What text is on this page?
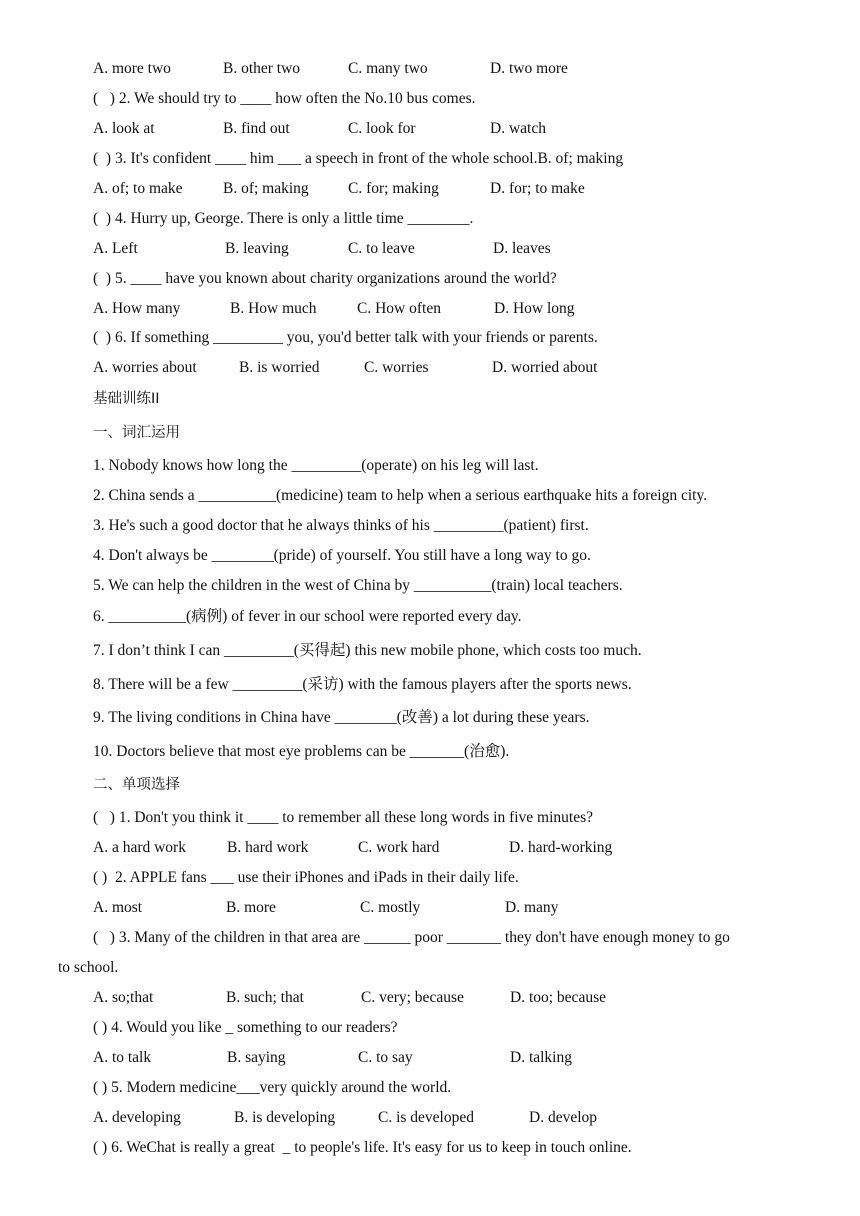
A. more two	B. other two	C. many two	D. two more
(   ) 2. We should try to ____ how often the No.10 bus comes.
A. look at	B. find out	C. look for	D. watch
(  ) 3. It's confident ____ him ___ a speech in front of the whole school.B. of; making
A. of; to make	B. of; making	C. for; making	D. for; to make
(  ) 4. Hurry up, George. There is only a little time ________.
A. Left	B. leaving	C. to leave	D. leaves
(  ) 5. ____ have you known about charity organizations around the world?
A. How many	B. How much	C. How often	D. How long
(  ) 6. If something _________ you, you'd better talk with your friends or parents.
A. worries about	B. is worried	C. worries	D. worried about
基础训练II
一、词汇运用
1. Nobody knows how long the _________(operate) on his leg will last.
2. China sends a __________(medicine) team to help when a serious earthquake hits a foreign city.
3. He's such a good doctor that he always thinks of his _________(patient) first.
4. Don't always be ________(pride) of yourself. You still have a long way to go.
5. We can help the children in the west of China by __________(train) local teachers.
6. __________(病例) of fever in our school were reported every day.
7. I don’t think I can _________(买得起) this new mobile phone, which costs too much.
8. There will be a few _________(采访) with the famous players after the sports news.
9. The living conditions in China have ________(改善) a lot during these years.
10. Doctors believe that most eye problems can be _______(治愈).
二、单项选择
(   ) 1. Don't you think it ____ to remember all these long words in five minutes?
A. a hard work	B. hard work	C. work hard	D. hard-working
( )  2. APPLE fans ___ use their iPhones and iPads in their daily life.
A. most	B. more	C. mostly	D. many
(   ) 3. Many of the children in that area are ______ poor _______ they don't have enough money to go
to school.
A. so;that	B. such; that	C. very; because	D. too; because
( ) 4. Would you like _ something to our readers?
A. to talk	B. saying	C. to say	D. talking
( ) 5. Modern medicine___very quickly around the world.
A. developing	B. is developing	C. is developed	D. develop
( ) 6. WeChat is really a great  _ to people's life. It's easy for us to keep in touch online.
